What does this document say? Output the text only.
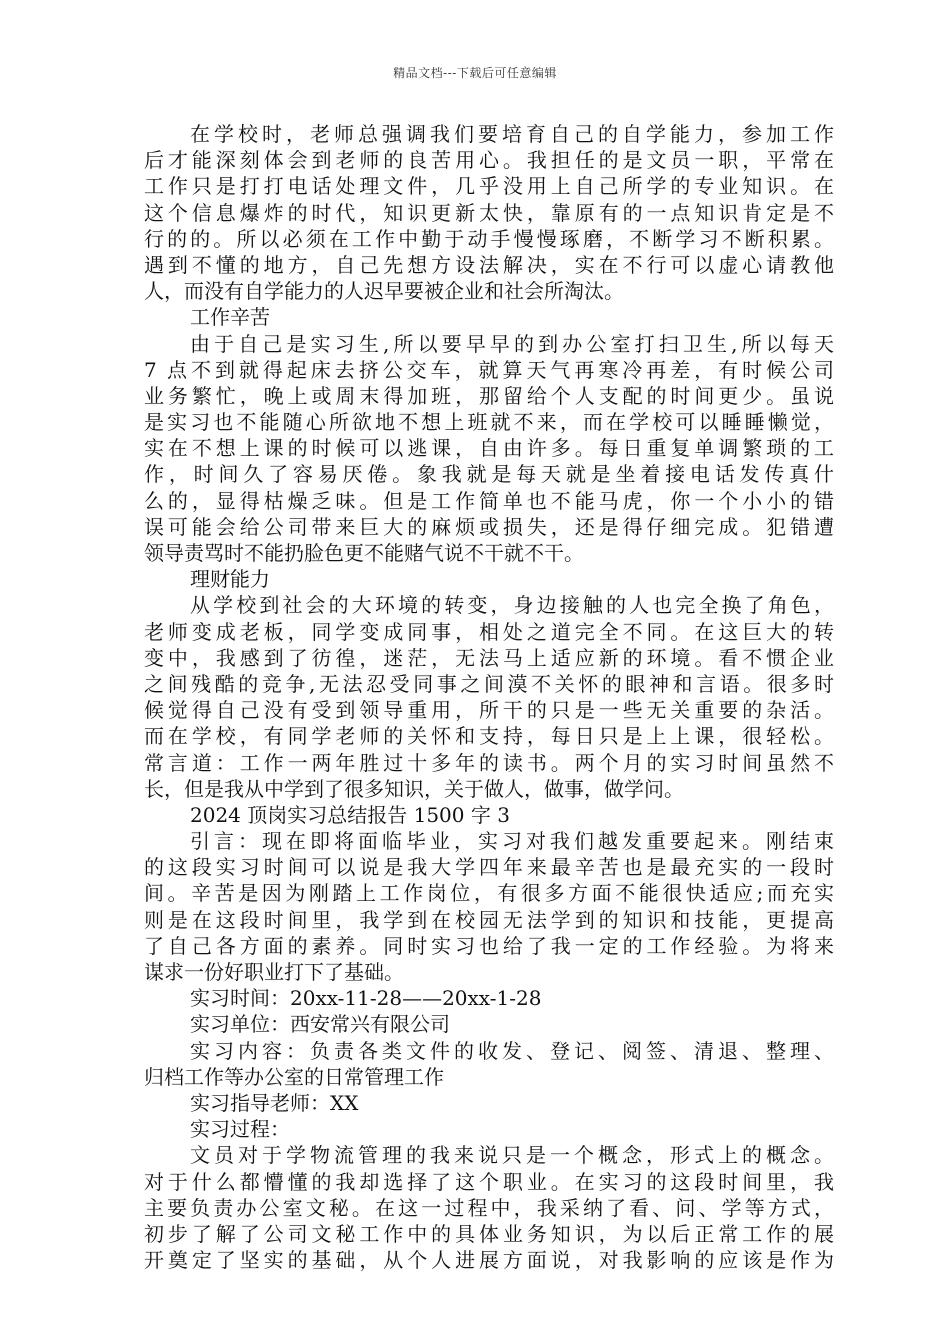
精品文档---下载后可任意编辑
在学校时，老师总强调我们要培育自己的自学能力，参加工作
后才能深刻体会到老师的良苦用心。我担任的是文员一职，平常在
工作只是打打电话处理文件，几乎没用上自己所学的专业知识。在
这个信息爆炸的时代，知识更新太快，靠原有的一点知识肯定是不
行的的。所以必须在工作中勤于动手慢慢琢磨，不断学习不断积累。
遇到不懂的地方，自己先想方设法解决，实在不行可以虚心请教他
人，而没有自学能力的人迟早要被企业和社会所淘汰。
工作辛苦
由于自己是实习生,所以要早早的到办公室打扫卫生,所以每天
7 点不到就得起床去挤公交车，就算天气再寒冷再差，有时候公司
业务繁忙，晚上或周末得加班，那留给个人支配的时间更少。虽说
是实习也不能随心所欲地不想上班就不来，而在学校可以睡睡懒觉，
实在不想上课的时候可以逃课，自由许多。每日重复单调繁琐的工
作，时间久了容易厌倦。象我就是每天就是坐着接电话发传真什
么的，显得枯燥乏味。但是工作简单也不能马虎，你一个小小的错
误可能会给公司带来巨大的麻烦或损失，还是得仔细完成。犯错遭
领导责骂时不能扔脸色更不能赌气说不干就不干。
理财能力
从学校到社会的大环境的转变，身边接触的人也完全换了角色，
老师变成老板，同学变成同事，相处之道完全不同。在这巨大的转
变中，我感到了彷徨，迷茫，无法马上适应新的环境。看不惯企业
之间残酷的竞争,无法忍受同事之间漠不关怀的眼神和言语。很多时
候觉得自己没有受到领导重用，所干的只是一些无关重要的杂活。
而在学校，有同学老师的关怀和支持，每日只是上上课，很轻松。
常言道：工作一两年胜过十多年的读书。两个月的实习时间虽然不
长，但是我从中学到了很多知识，关于做人，做事，做学问。
2024 顶岗实习总结报告 1500 字 3
引言：现在即将面临毕业，实习对我们越发重要起来。刚结束
的这段实习时间可以说是我大学四年来最辛苦也是最充实的一段时
间。辛苦是因为刚踏上工作岗位，有很多方面不能很快适应;而充实
则是在这段时间里，我学到在校园无法学到的知识和技能，更提高
了自己各方面的素养。同时实习也给了我一定的工作经验。为将来
谋求一份好职业打下了基础。
实习时间：20xx-11-28——20xx-1-28
实习单位：西安常兴有限公司
实习内容：负责各类文件的收发、登记、阅签、清退、整理、
归档工作等办公室的日常管理工作
实习指导老师：XX
实习过程：
文员对于学物流管理的我来说只是一个概念，形式上的概念。
对于什么都懵懂的我却选择了这个职业。在实习的这段时间里，我
主要负责办公室文秘。在这一过程中，我采纳了看、问、学等方式，
初步了解了公司文秘工作中的具体业务知识，为以后正常工作的展
开奠定了坚实的基础，从个人进展方面说，对我影响的应该是作为
